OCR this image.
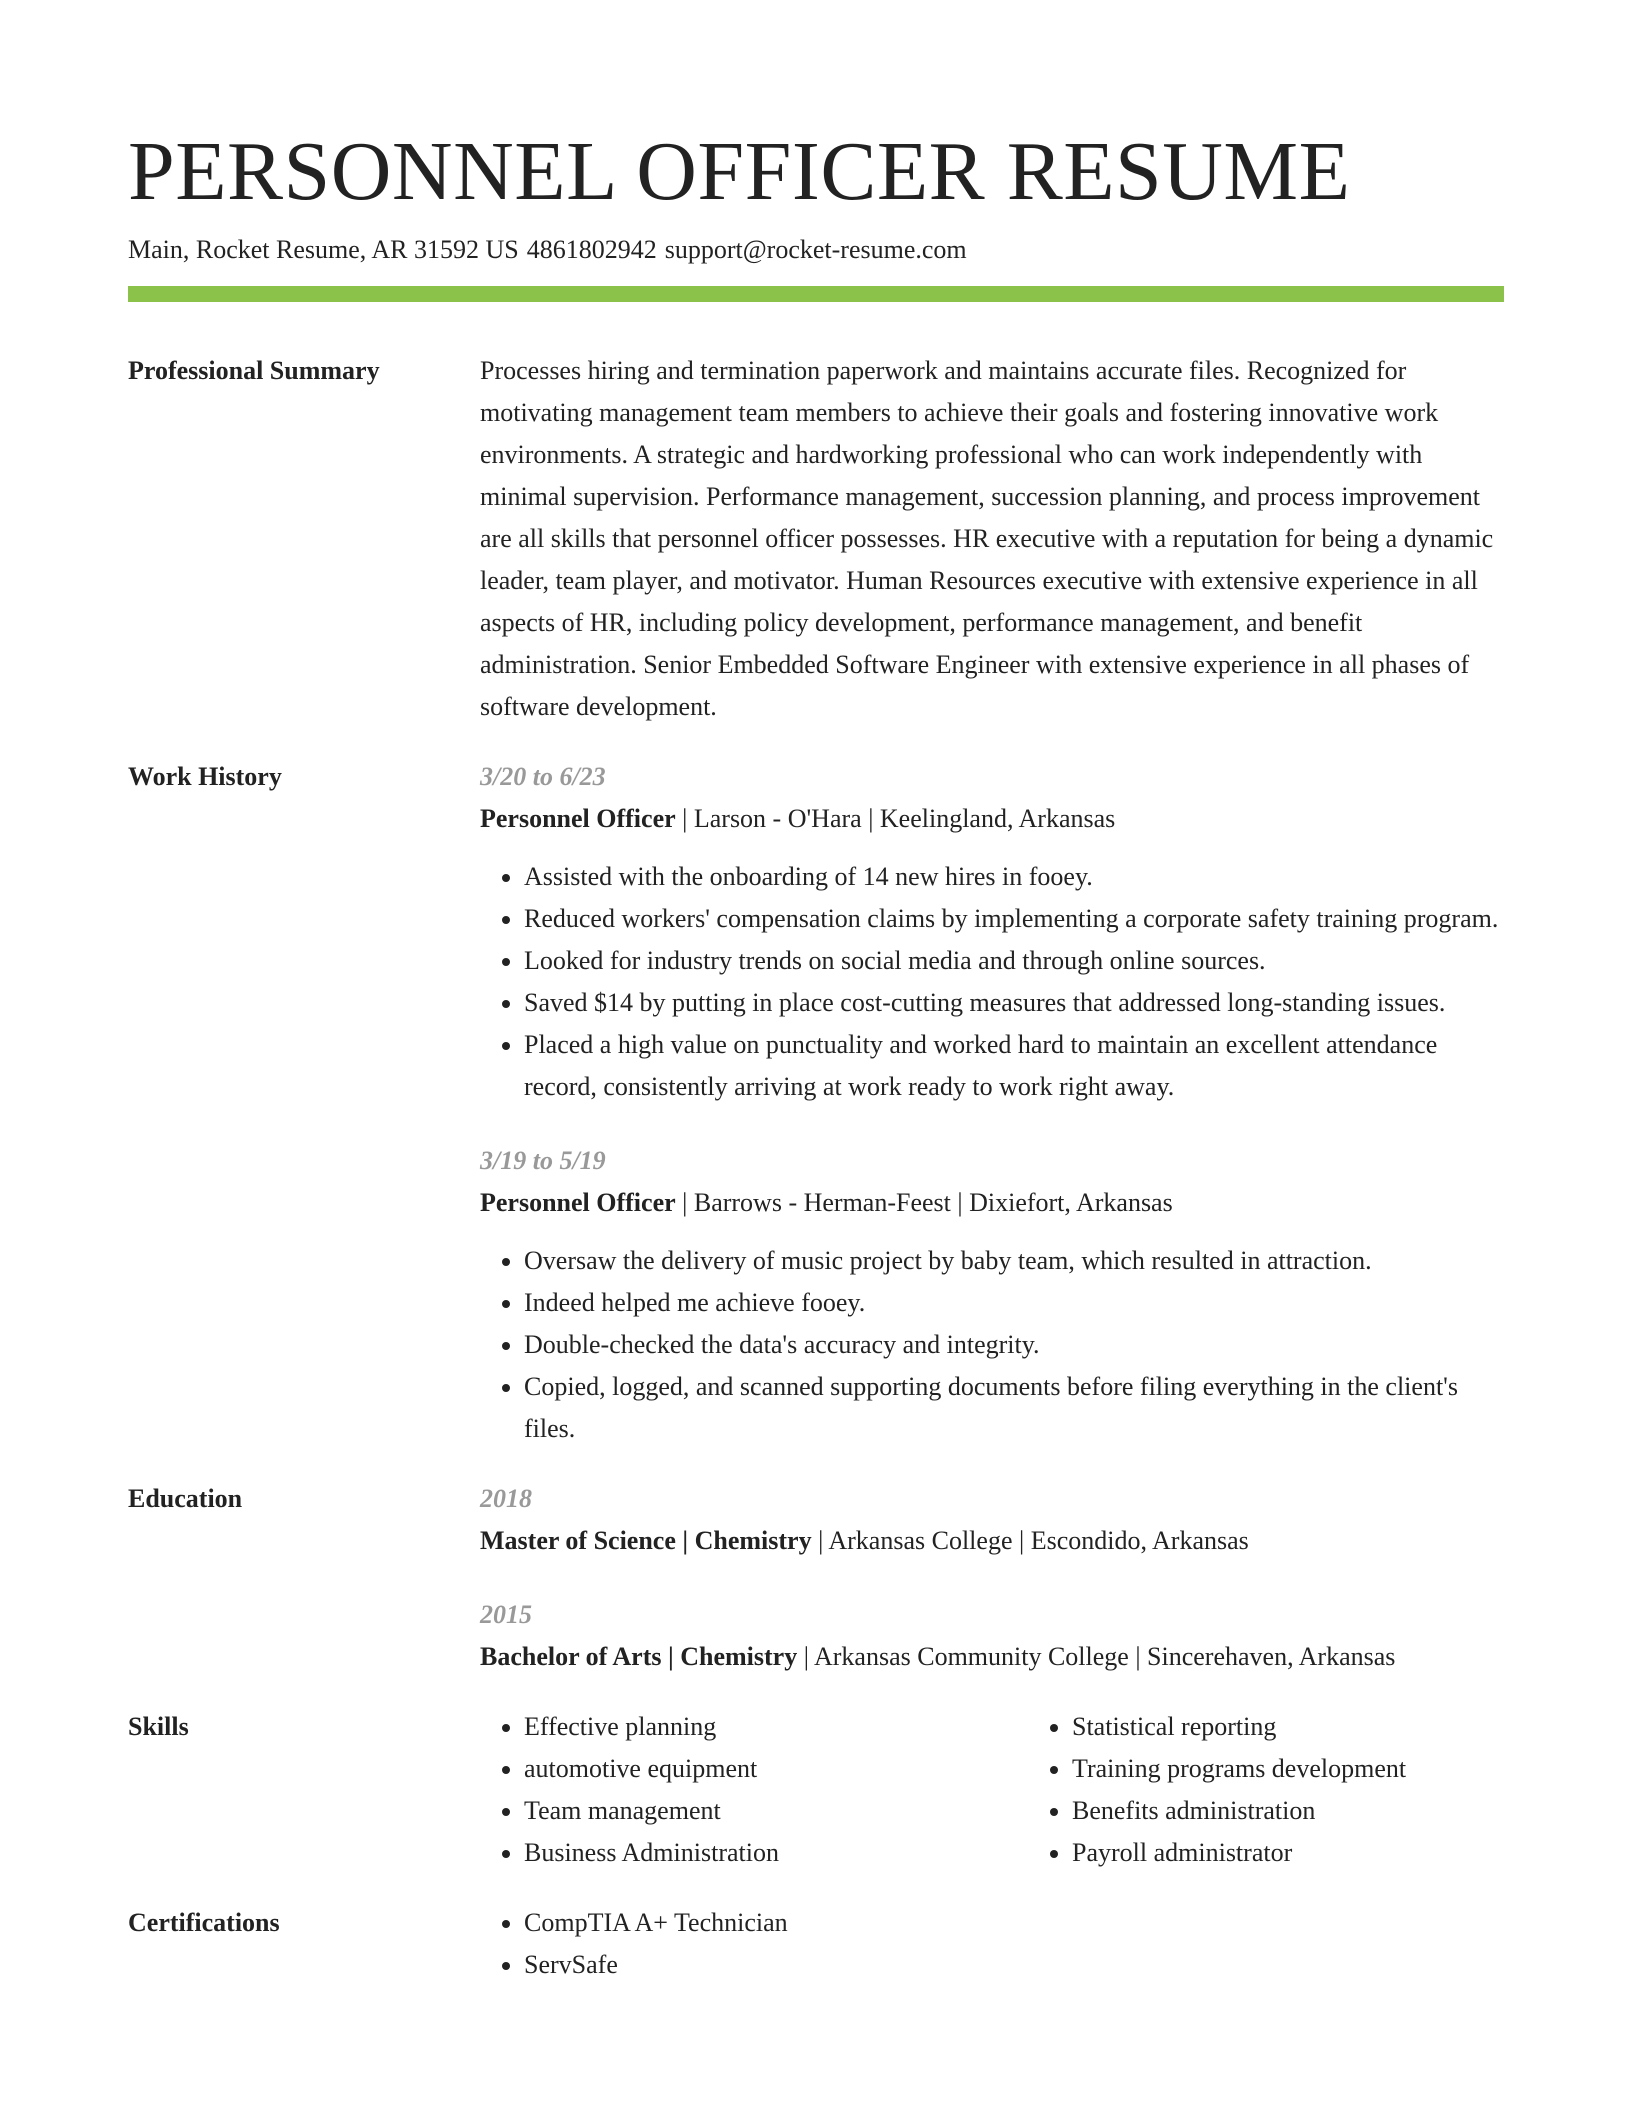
PERSONNEL OFFICER RESUME
Main, Rocket Resume, AR 31592 US 4861802942 support@rocket-resume.com
Professional Summary	Processes hiring and termination paperwork and maintains accurate files. Recognized for motivating management team members to achieve their goals and fostering innovative work environments. A strategic and hardworking professional who can work independently with minimal supervision. Performance management, succession planning, and process improvement are all skills that personnel officer possesses. HR executive with a reputation for being a dynamic leader, team player, and motivator. Human Resources executive with extensive experience in all aspects of HR, including policy development, performance management, and benefit administration. Senior Embedded Software Engineer with extensive experience in all phases of software development.

Work History	3/20 to 6/23
Personnel Officer | Larson - O'Hara | Keelingland, Arkansas
• Assisted with the onboarding of 14 new hires in fooey.
• Reduced workers' compensation claims by implementing a corporate safety training program.
• Looked for industry trends on social media and through online sources.
• Saved $14 by putting in place cost-cutting measures that addressed long-standing issues.
• Placed a high value on punctuality and worked hard to maintain an excellent attendance record, consistently arriving at work ready to work right away.
3/19 to 5/19
Personnel Officer | Barrows - Herman-Feest | Dixiefort, Arkansas
• Oversaw the delivery of music project by baby team, which resulted in attraction.
• Indeed helped me achieve fooey.
• Double-checked the data's accuracy and integrity.
• Copied, logged, and scanned supporting documents before filing everything in the client's files.
Education	2018
Master of Science | Chemistry | Arkansas College | Escondido, Arkansas
2015
Bachelor of Arts | Chemistry | Arkansas Community College | Sincerehaven, Arkansas
Skills	• Effective planning
• automotive equipment
• Team management
• Business Administration
• Statistical reporting
• Training programs development
• Benefits administration
• Payroll administrator
Certifications	• CompTIA A+ Technician
• ServSafe
